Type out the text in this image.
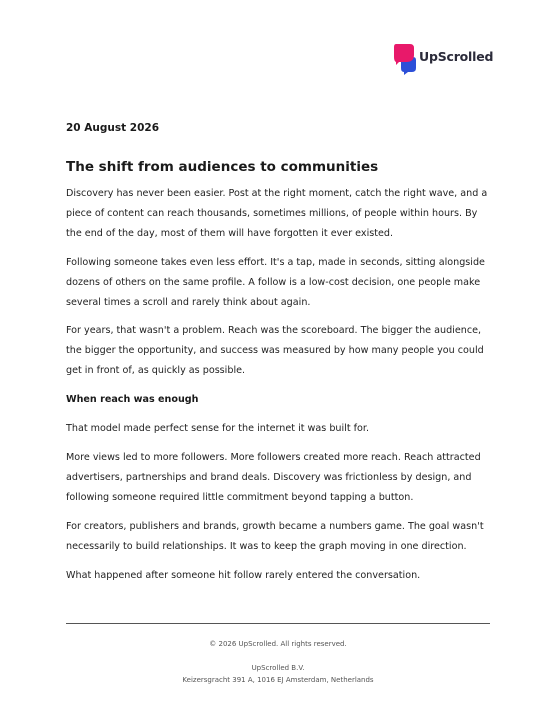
UpScrolled

20 August 2026

The shift from audiences to communities

Discovery has never been easier. Post at the right moment, catch the right wave, and a piece of content can reach thousands, sometimes millions, of people within hours. By the end of the day, most of them will have forgotten it ever existed.

Following someone takes even less effort. It's a tap, made in seconds, sitting alongside dozens of others on the same profile. A follow is a low-cost decision, one people make several times a scroll and rarely think about again.

For years, that wasn't a problem. Reach was the scoreboard. The bigger the audience, the bigger the opportunity, and success was measured by how many people you could get in front of, as quickly as possible.

When reach was enough

That model made perfect sense for the internet it was built for.

More views led to more followers. More followers created more reach. Reach attracted advertisers, partnerships and brand deals. Discovery was frictionless by design, and following someone required little commitment beyond tapping a button.

For creators, publishers and brands, growth became a numbers game. The goal wasn't necessarily to build relationships. It was to keep the graph moving in one direction.

What happened after someone hit follow rarely entered the conversation.

© 2026 UpScrolled. All rights reserved.
UpScrolled B.V.
Keizersgracht 391 A, 1016 EJ Amsterdam, Netherlands
